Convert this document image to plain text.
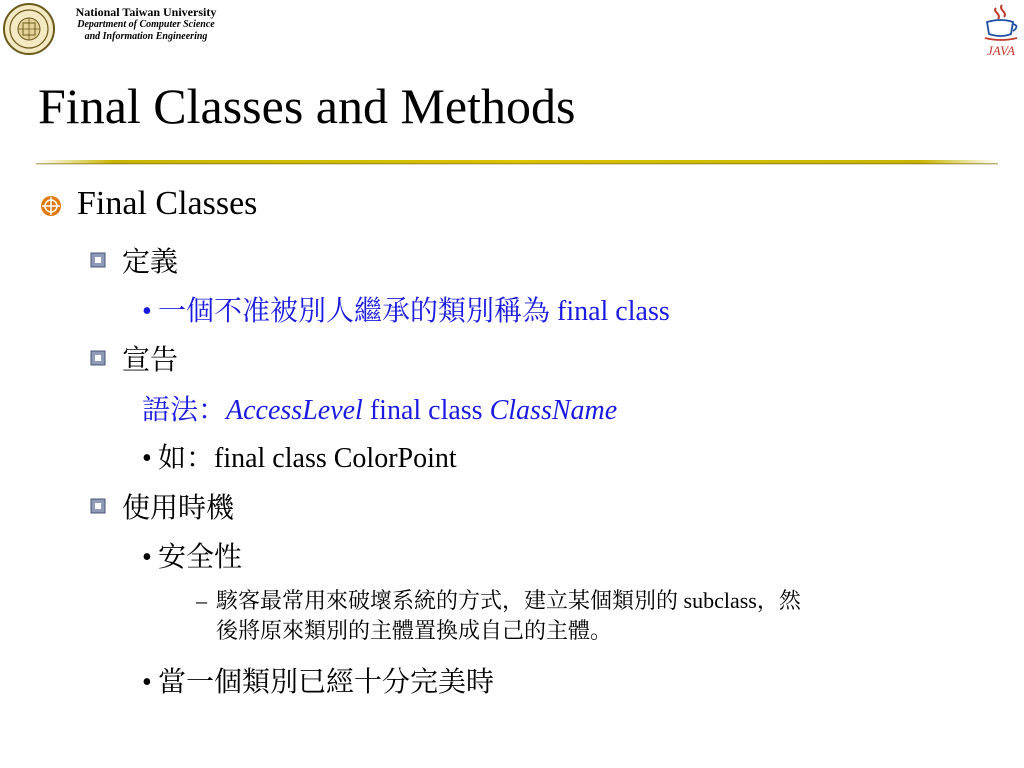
National Taiwan University
Department of Computer Science
and Information Engineering
JAVA
Final Classes and Methods
Final Classes
定義
• 一個不准被別人繼承的類別稱為 final class
宣告
語法：AccessLevel final class ClassName
• 如：final class ColorPoint
使用時機
• 安全性
– 駭客最常用來破壞系統的方式，建立某個類別的 subclass，然
後將原來類別的主體置換成自己的主體。
• 當一個類別已經十分完美時
